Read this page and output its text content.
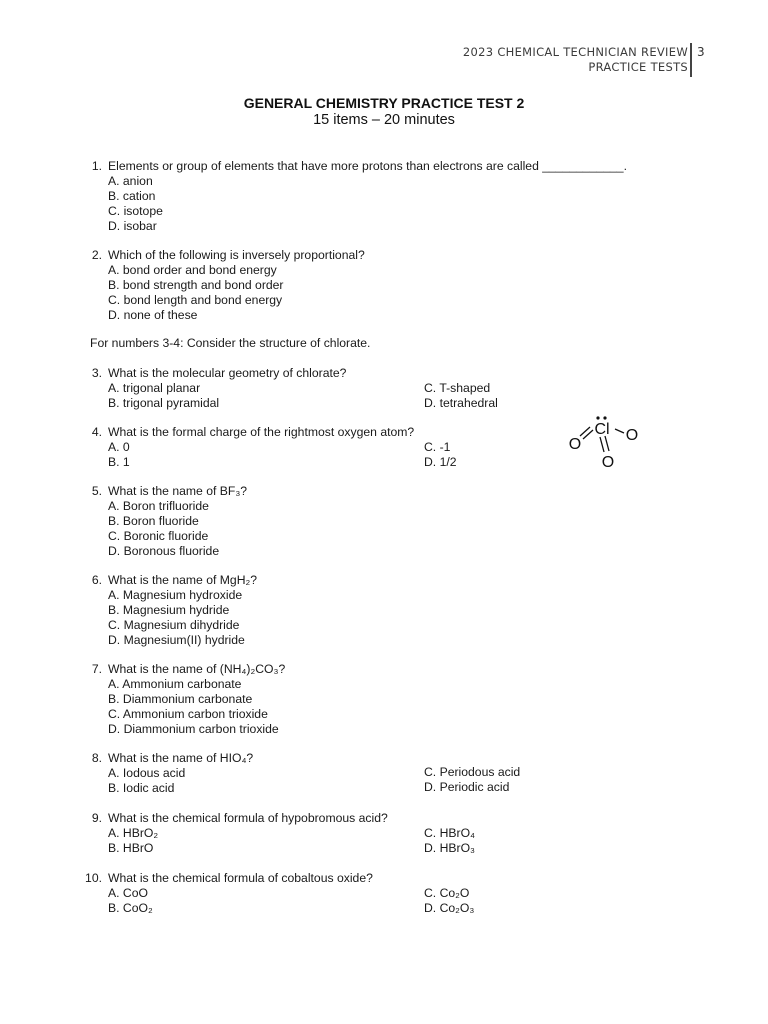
2023 CHEMICAL TECHNICIAN REVIEW
PRACTICE TESTS
3
GENERAL CHEMISTRY PRACTICE TEST 2
15 items – 20 minutes
1. Elements or group of elements that have more protons than electrons are called ____________.
A. anion
B. cation
C. isotope
D. isobar
2. Which of the following is inversely proportional?
A. bond order and bond energy
B. bond strength and bond order
C. bond length and bond energy
D. none of these
For numbers 3-4: Consider the structure of chlorate.
3. What is the molecular geometry of chlorate?
A. trigonal planar
B. trigonal pyramidal
C. T-shaped
D. tetrahedral
4. What is the formal charge of the rightmost oxygen atom?
A. 0
B. 1
C. -1
D. 1/2
Cl
O
O
O
5. What is the name of BF₃?
A. Boron trifluoride
B. Boron fluoride
C. Boronic fluoride
D. Boronous fluoride
6. What is the name of MgH₂?
A. Magnesium hydroxide
B. Magnesium hydride
C. Magnesium dihydride
D. Magnesium(II) hydride
7. What is the name of (NH₄)₂CO₃?
A. Ammonium carbonate
B. Diammonium carbonate
C. Ammonium carbon trioxide
D. Diammonium carbon trioxide
8. What is the name of HIO₄?
A. Iodous acid
B. Iodic acid
C. Periodous acid
D. Periodic acid
9. What is the chemical formula of hypobromous acid?
A. HBrO₂
B. HBrO
C. HBrO₄
D. HBrO₃
10. What is the chemical formula of cobaltous oxide?
A. CoO
B. CoO₂
C. Co₂O
D. Co₂O₃
